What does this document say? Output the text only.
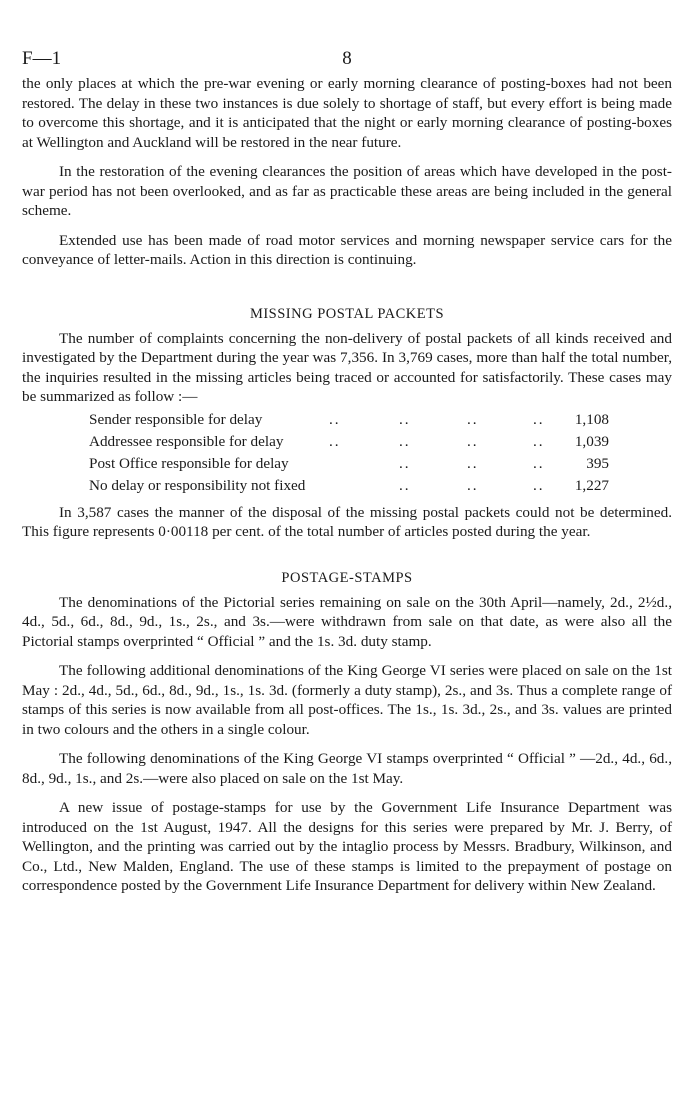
F—1	8

the only places at which the pre-war evening or early morning clearance of posting-boxes had not been restored. The delay in these two instances is due solely to shortage of staff, but every effort is being made to overcome this shortage, and it is anticipated that the night or early morning clearance of posting-boxes at Wellington and Auckland will be restored in the near future.

In the restoration of the evening clearances the position of areas which have developed in the post-war period has not been overlooked, and as far as practicable these areas are being included in the general scheme.

Extended use has been made of road motor services and morning newspaper service cars for the conveyance of letter-mails. Action in this direction is continuing.

MISSING POSTAL PACKETS

The number of complaints concerning the non-delivery of postal packets of all kinds received and investigated by the Department during the year was 7,356. In 3,769 cases, more than half the total number, the inquiries resulted in the missing articles being traced or accounted for satisfactorily. These cases may be summarized as follow :—

Sender responsible for delay	..	..	..	.. 1,108
Addressee responsible for delay	..	..	..	.. 1,039
Post Office responsible for delay	..	..	..	395
No delay or responsibility not fixed	..	..	.. 1,227

In 3,587 cases the manner of the disposal of the missing postal packets could not be determined. This figure represents 0·00118 per cent. of the total number of articles posted during the year.

POSTAGE-STAMPS

The denominations of the Pictorial series remaining on sale on the 30th April—namely, 2d., 2½d., 4d., 5d., 6d., 8d., 9d., 1s., 2s., and 3s.—were withdrawn from sale on that date, as were also all the Pictorial stamps overprinted “ Official ” and the 1s. 3d. duty stamp.

The following additional denominations of the King George VI series were placed on sale on the 1st May : 2d., 4d., 5d., 6d., 8d., 9d., 1s., 1s. 3d. (formerly a duty stamp), 2s., and 3s. Thus a complete range of stamps of this series is now available from all post-offices. The 1s., 1s. 3d., 2s., and 3s. values are printed in two colours and the others in a single colour.

The following denominations of the King George VI stamps overprinted “ Official ” —2d., 4d., 6d., 8d., 9d., 1s., and 2s.—were also placed on sale on the 1st May.

A new issue of postage-stamps for use by the Government Life Insurance Department was introduced on the 1st August, 1947. All the designs for this series were prepared by Mr. J. Berry, of Wellington, and the printing was carried out by the intaglio process by Messrs. Bradbury, Wilkinson, and Co., Ltd., New Malden, England. The use of these stamps is limited to the prepayment of postage on correspondence posted by the Government Life Insurance Department for delivery within New Zealand.
